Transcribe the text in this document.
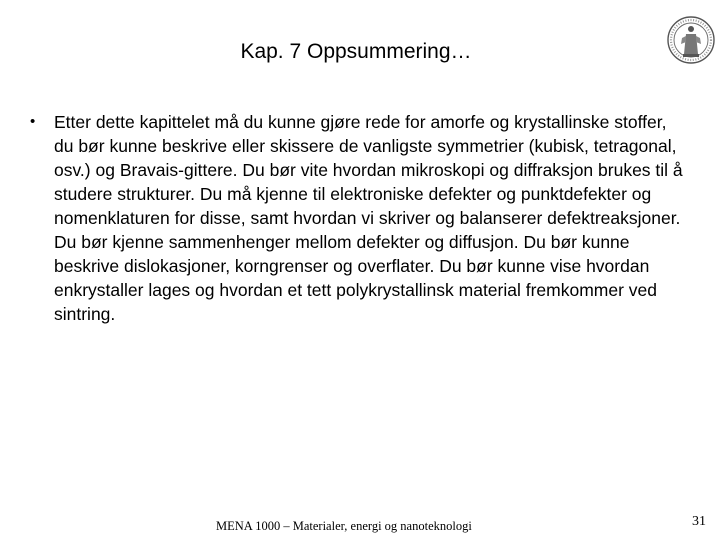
Kap. 7 Oppsummering…
• Etter dette kapittelet må du kunne gjøre rede for amorfe og krystallinske stoffer, du bør kunne beskrive eller skissere de vanligste symmetrier (kubisk, tetragonal, osv.) og Bravais-gittere. Du bør vite hvordan mikroskopi og diffraksjon brukes til å studere strukturer. Du må kjenne til elektroniske defekter og punktdefekter og nomenklaturen for disse, samt hvordan vi skriver og balanserer defektreaksjoner. Du bør kjenne sammenhenger mellom defekter og diffusjon. Du bør kunne beskrive dislokasjoner, korngrenser og overflater. Du bør kunne vise hvordan enkrystaller lages og hvordan et tett polykrystallinsk material fremkommer ved sintring.
MENA 1000 – Materialer, energi og nanoteknologi	31
